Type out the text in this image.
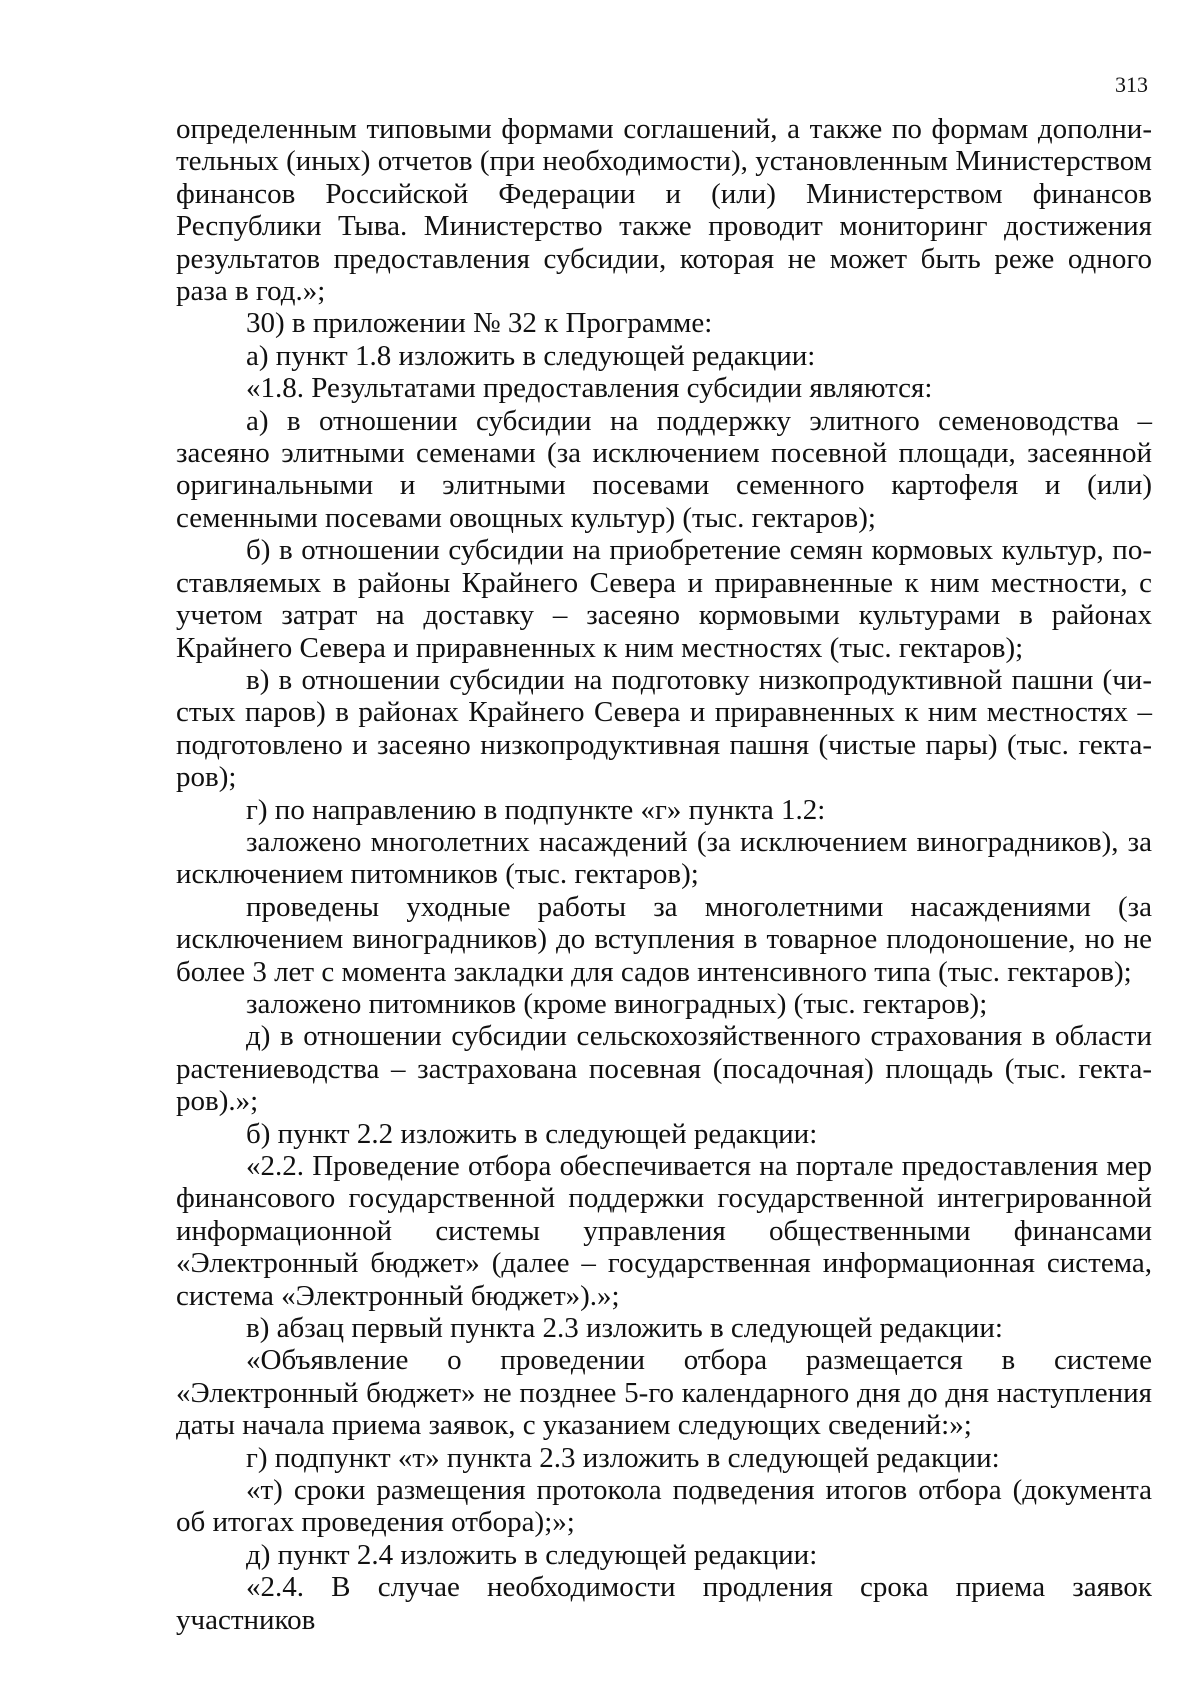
313

определенным типовыми формами соглашений, а также по формам дополнительных (иных) отчетов (при необходимости), установленным Министерством финансов Российской Федерации и (или) Министерством финансов Республики Тыва. Министерство также проводит мониторинг достижения результатов предоставления субсидии, которая не может быть реже одного раза в год.»;

30) в приложении № 32 к Программе:

а) пункт 1.8 изложить в следующей редакции:

«1.8. Результатами предоставления субсидии являются:

а) в отношении субсидии на поддержку элитного семеноводства – засеяно элитными семенами (за исключением посевной площади, засеянной оригинальными и элитными посевами семенного картофеля и (или) семенными посевами овощных культур) (тыс. гектаров);

б) в отношении субсидии на приобретение семян кормовых культур, поставляемых в районы Крайнего Севера и приравненные к ним местности, с учетом затрат на доставку – засеяно кормовыми культурами в районах Крайнего Севера и приравненных к ним местностях (тыс. гектаров);

в) в отношении субсидии на подготовку низкопродуктивной пашни (чистых паров) в районах Крайнего Севера и приравненных к ним местностях – подготовлено и засеяно низкопродуктивная пашня (чистые пары) (тыс. гектаров);

г) по направлению в подпункте «г» пункта 1.2:

заложено многолетних насаждений (за исключением виноградников), за исключением питомников (тыс. гектаров);

проведены уходные работы за многолетними насаждениями (за исключением виноградников) до вступления в товарное плодоношение, но не более 3 лет с момента закладки для садов интенсивного типа (тыс. гектаров);

заложено питомников (кроме виноградных) (тыс. гектаров);

д) в отношении субсидии сельскохозяйственного страхования в области растениеводства – застрахована посевная (посадочная) площадь (тыс. гектаров).»;

б) пункт 2.2 изложить в следующей редакции:

«2.2. Проведение отбора обеспечивается на портале предоставления мер финансового государственной поддержки государственной интегрированной информационной системы управления общественными финансами «Электронный бюджет» (далее – государственная информационная система, система «Электронный бюджет»).»;

в) абзац первый пункта 2.3 изложить в следующей редакции:

«Объявление о проведении отбора размещается в системе «Электронный бюджет» не позднее 5-го календарного дня до дня наступления даты начала приема заявок, с указанием следующих сведений:»;

г) подпункт «т» пункта 2.3 изложить в следующей редакции:

«т) сроки размещения протокола подведения итогов отбора (документа об итогах проведения отбора);»;

д) пункт 2.4 изложить в следующей редакции:

«2.4. В случае необходимости продления срока приема заявок участников
